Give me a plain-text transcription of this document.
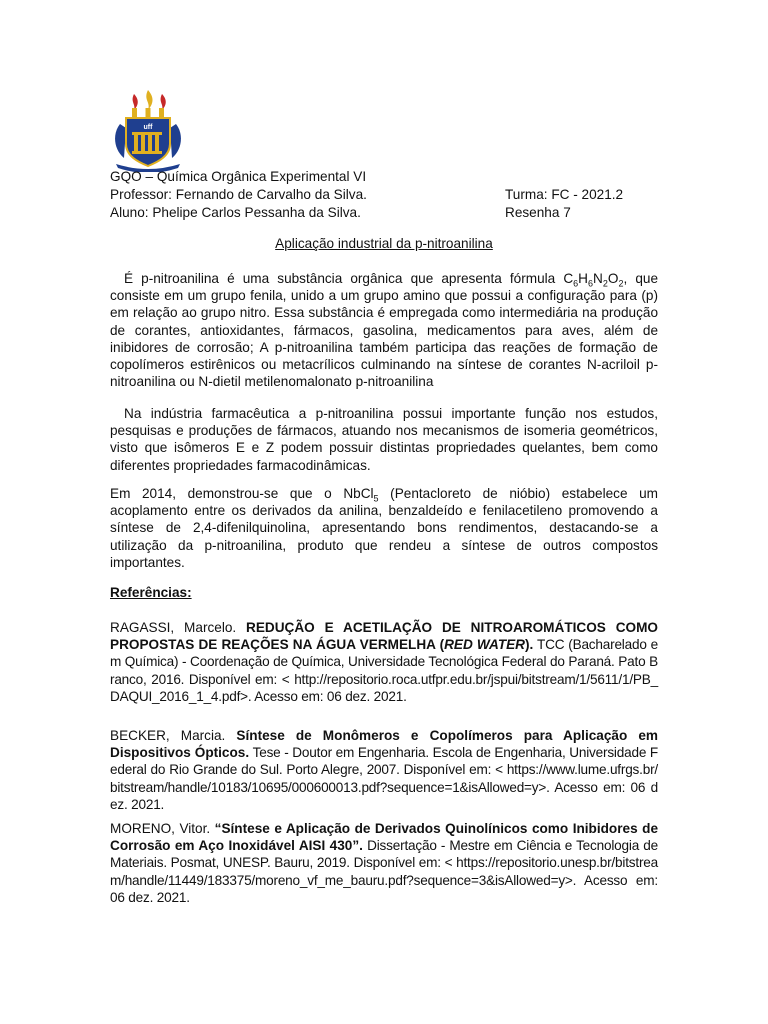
uff
GQO – Química Orgânica Experimental VI
Professor: Fernando de Carvalho da Silva.
Aluno: Phelipe Carlos Pessanha da Silva.
Turma: FC - 2021.2
Resenha 7
Aplicação industrial da p-nitroanilina
É p-nitroanilina é uma substância orgânica que apresenta fórmula $C_6H_6N_2O_2$, que consiste em um grupo fenila, unido a um grupo amino que possui a configuração para (p) em relação ao grupo nitro. Essa substância é empregada como intermediária na produção de corantes, antioxidantes, fármacos, gasolina, medicamentos para aves, além de inibidores de corrosão; A p-nitroanilina também participa das reações de formação de copolímeros estirênicos ou metacrílicos culminando na síntese de corantes N-acriloil p-nitroanilina ou N-dietil metilenomalonato p-nitroanilina
Na indústria farmacêutica a p-nitroanilina possui importante função nos estudos, pesquisas e produções de fármacos, atuando nos mecanismos de isomeria geométricos, visto que isômeros E e Z podem possuir distintas propriedades quelantes, bem como diferentes propriedades farmacodinâmicas.
Em 2014, demonstrou-se que o NbCl$_5$ (Pentacloreto de nióbio) estabelece um acoplamento entre os derivados da anilina, benzaldeído e fenilacetileno promovendo a síntese de 2,4-difenilquinolina, apresentando bons rendimentos, destacando-se a utilização da p-nitroanilina, produto que rendeu a síntese de outros compostos importantes.
Referências:
RAGASSI, Marcelo. REDUÇÃO E ACETILAÇÃO DE NITROAROMÁTICOS COMO PROPOSTAS DE REAÇÕES NA ÁGUA VERMELHA (RED WATER). TCC (Bacharelado em Química) - Coordenação de Química, Universidade Tecnológica Federal do Paraná. Pato Branco, 2016. Disponível em: < http://repositorio.roca.utfpr.edu.br/jspui/bitstream/1/5611/1/PB_DAQUI_2016_1_4.pdf>. Acesso em: 06 dez. 2021.
BECKER, Marcia. Síntese de Monômeros e Copolímeros para Aplicação em Dispositivos Ópticos. Tese - Doutor em Engenharia. Escola de Engenharia, Universidade Federal do Rio Grande do Sul. Porto Alegre, 2007. Disponível em: < https://www.lume.ufrgs.br/bitstream/handle/10183/10695/000600013.pdf?sequence=1&isAllowed=y>. Acesso em: 06 dez. 2021.
MORENO, Vitor. “Síntese e Aplicação de Derivados Quinolínicos como Inibidores de Corrosão em Aço Inoxidável AISI 430”. Dissertação - Mestre em Ciência e Tecnologia de Materiais. Posmat, UNESP. Bauru, 2019. Disponível em: < https://repositorio.unesp.br/bitstream/handle/11449/183375/moreno_vf_me_bauru.pdf?sequence=3&isAllowed=y>. Acesso em: 06 dez. 2021.
